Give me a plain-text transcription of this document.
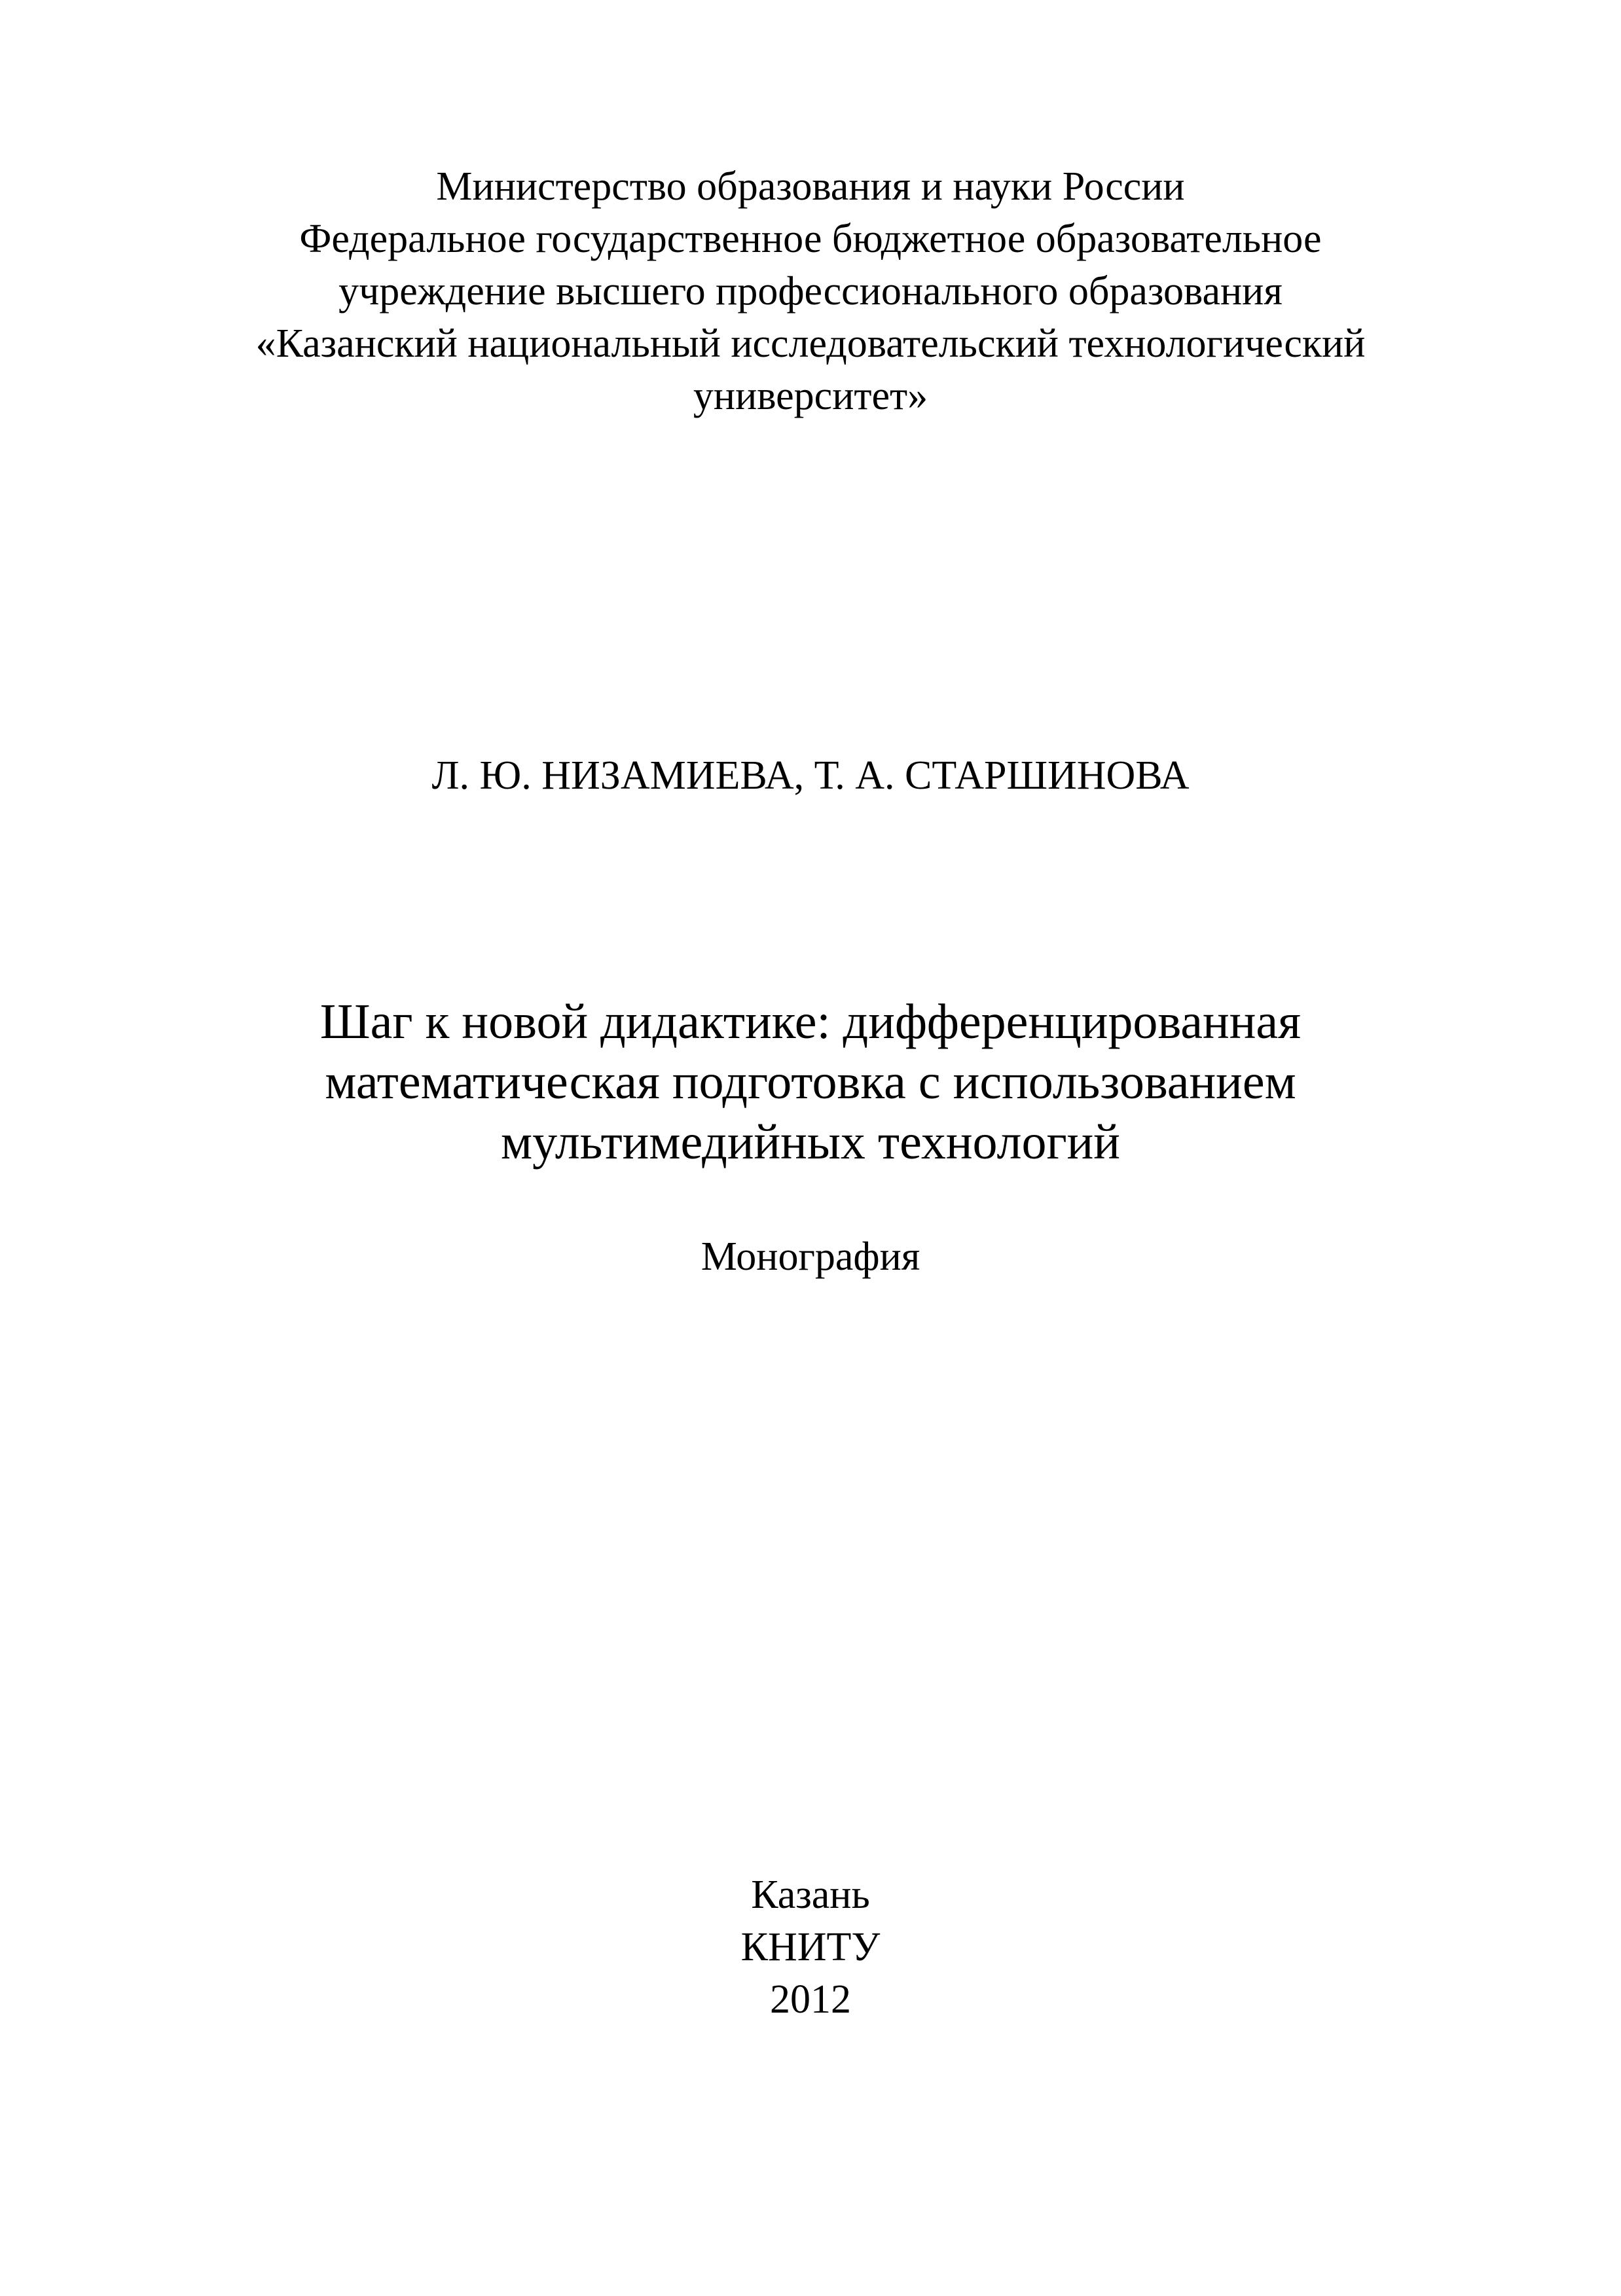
Министерство образования и науки России
Федеральное государственное бюджетное образовательное
учреждение высшего профессионального образования
«Казанский национальный исследовательский технологический
университет»
Л. Ю. НИЗАМИЕВА, Т. А. СТАРШИНОВА
Шаг к новой дидактике: дифференцированная
математическая подготовка с использованием
мультимедийных технологий
Монография
Казань
КНИТУ
2012
